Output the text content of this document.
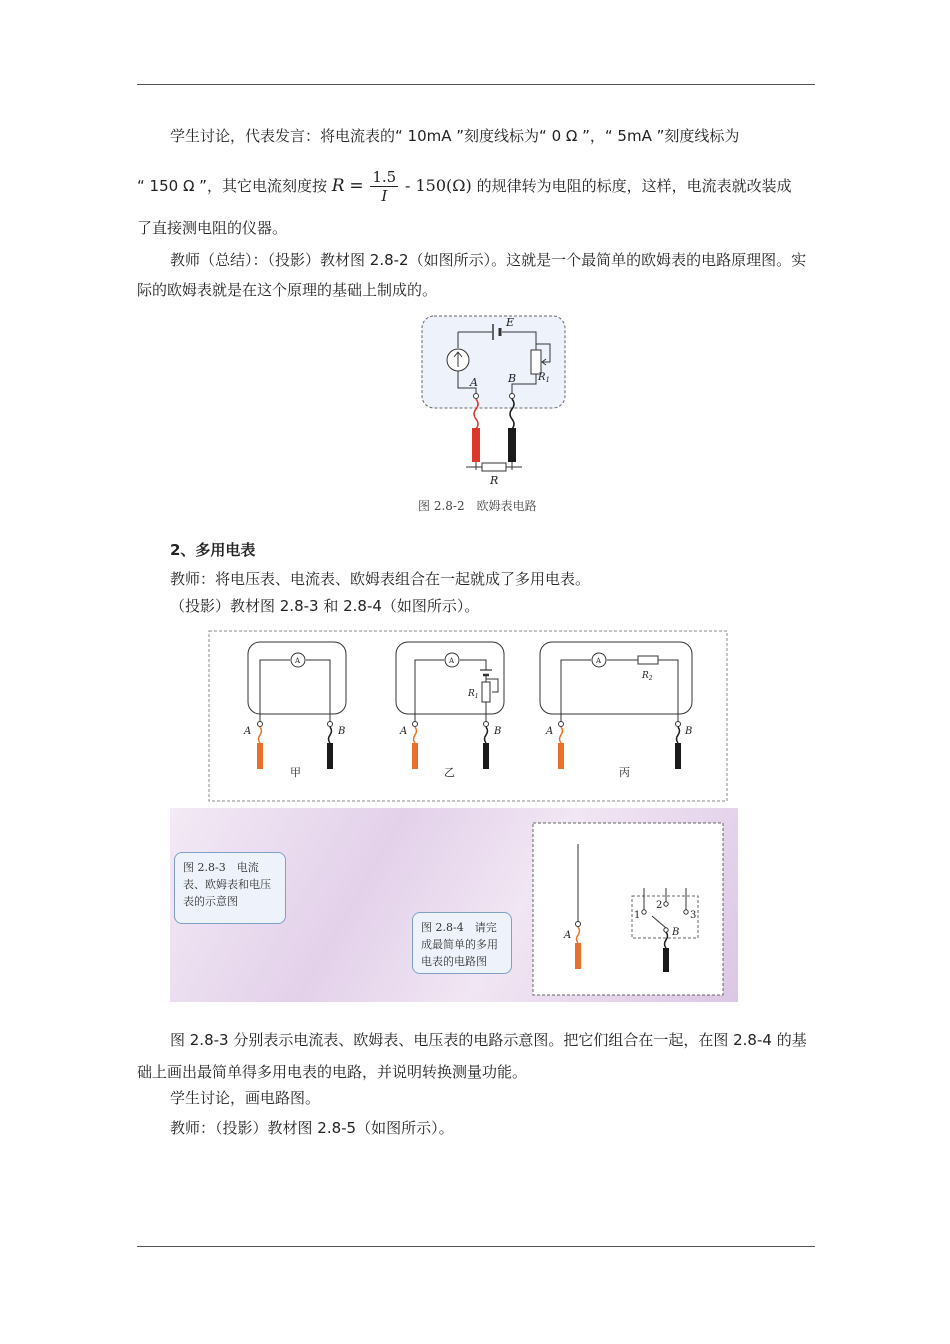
学生讨论，代表发言：将电流表的“ 10mA ”刻度线标为“ 0 Ω ”，“ 5mA ”刻度线标为
“ 150 Ω ”，其它电流刻度按 $R = \frac{1.5}{I} - 150(\Omega)$ 的规律转为电阻的标度，这样，电流表就改装成
了直接测电阻的仪器。
教师（总结）：（投影）教材图 2.8-2（如图所示）。这就是一个最简单的欧姆表的电路原理图。实际的欧姆表就是在这个原理的基础上制成的。
E
$R_1$
A	B
R
图 2.8-2　欧姆表电路
2、多用电表
教师：将电压表、电流表、欧姆表组合在一起就成了多用电表。
（投影）教材图 2.8-3 和 2.8-4（如图所示）。
A
A	B
甲
A
$R_1$
A	B
乙
A
$R_2$
A	B
丙
图 2.8-3　电流表、欧姆表和电压表的示意图
图 2.8-4　请完成最简单的多用电表的电路图
A
1
2
3
B
图 2.8-3 分别表示电流表、欧姆表、电压表的电路示意图。把它们组合在一起，在图 2.8-4 的基础上画出最简单得多用电表的电路，并说明转换测量功能。
学生讨论，画电路图。
教师：（投影）教材图 2.8-5（如图所示）。
